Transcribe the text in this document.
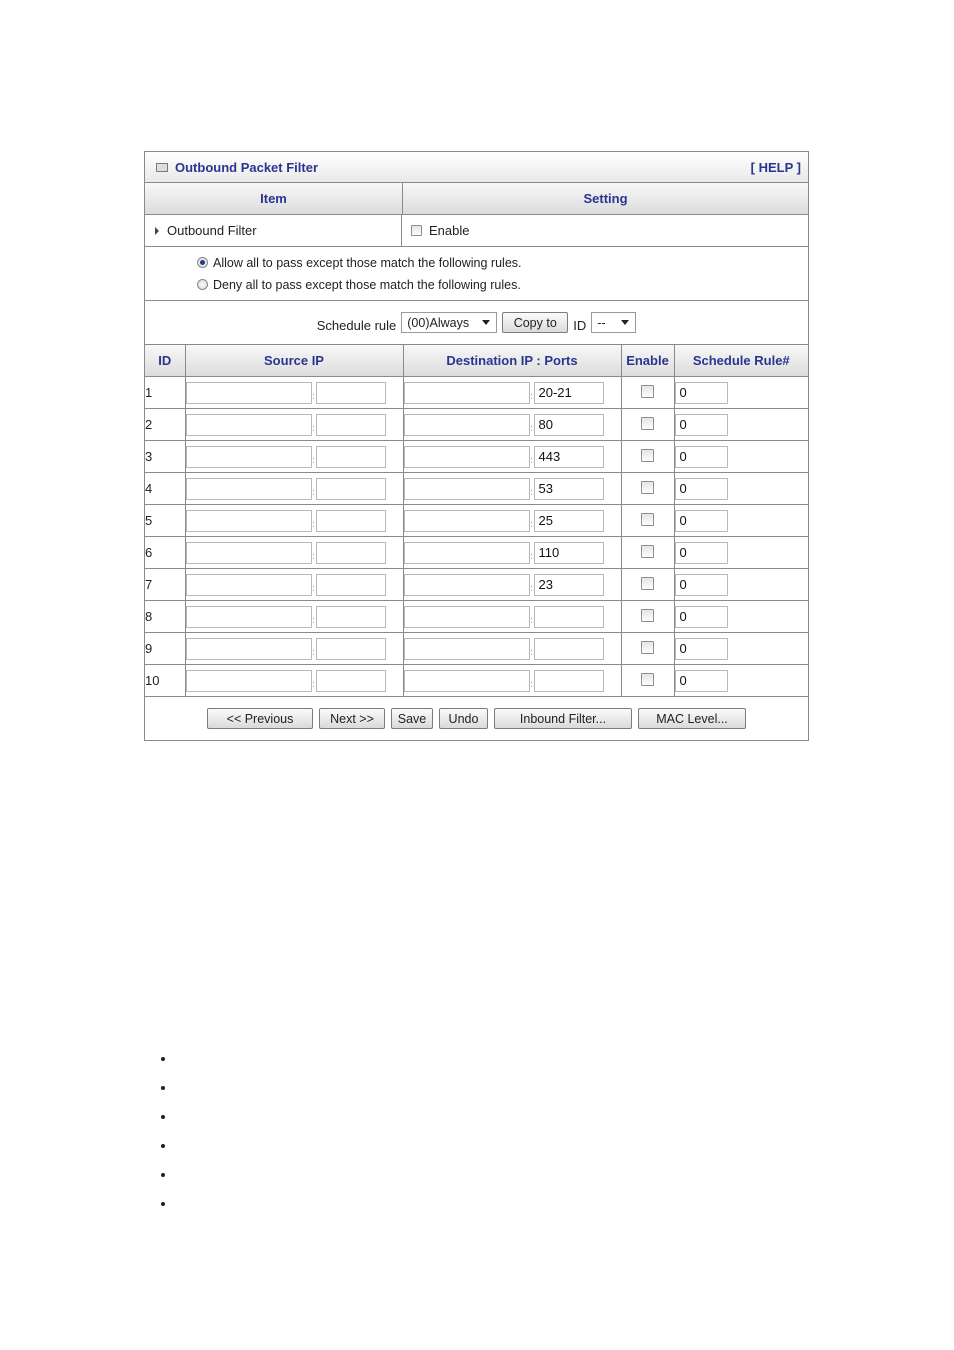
Outbound Packet Filter	[ HELP ]
Item	Setting
Outbound Filter	Enable
Allow all to pass except those match the following rules.
Deny all to pass except those match the following rules.
Schedule rule (00)Always	Copy to	ID --
ID	Source IP	Destination IP : Ports	Enable	Schedule Rule#
1	:	: 20-21		0
2	:	: 80		0
3	:	: 443		0
4	:	: 53		0
5	:	: 25		0
6	:	: 110		0
7	:	: 23		0
8	:	:		0
9	:	:		0
10	:	:		0
<< Previous	Next >>	Save	Undo	Inbound Filter...	MAC Level...
